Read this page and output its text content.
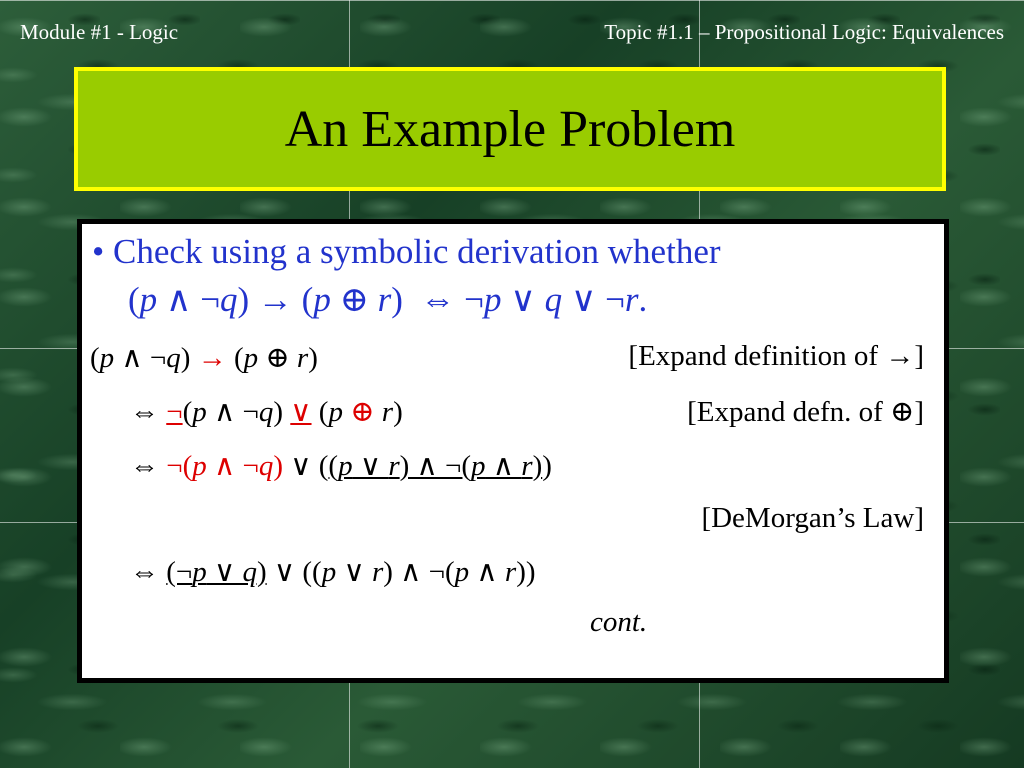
Module #1 - Logic	Topic #1.1 – Propositional Logic: Equivalences
An Example Problem
• Check using a symbolic derivation whether
(p ∧ ¬q) → (p ⊕ r)  ⇔ ¬p ∨ q ∨ ¬r.
(p ∧ ¬q) → (p ⊕ r)	[Expand definition of →]
⇔ ¬(p ∧ ¬q) ∨ (p ⊕ r)	[Expand defn. of ⊕]
⇔ ¬(p ∧ ¬q) ∨ ((p ∨ r) ∧ ¬(p ∧ r))
[DeMorgan’s Law]
⇔ (¬p ∨ q) ∨ ((p ∨ r) ∧ ¬(p ∧ r))
cont.
